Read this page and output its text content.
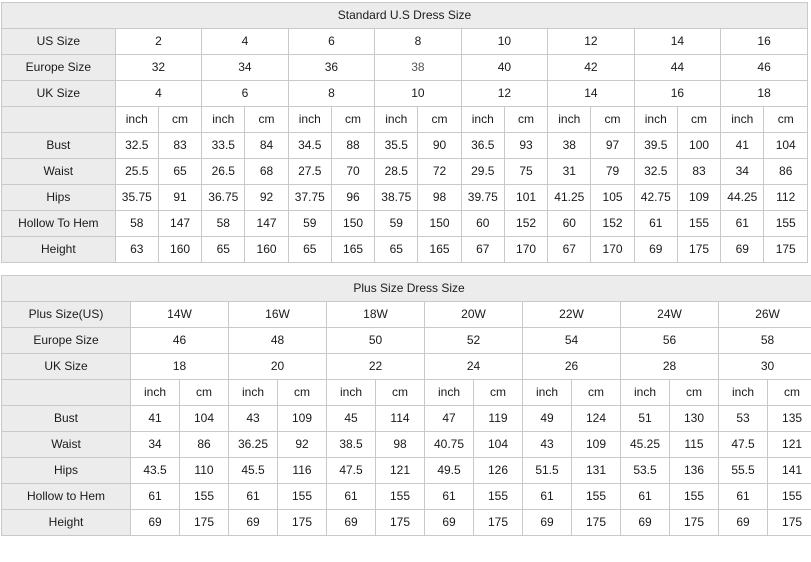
Standard U.S Dress Size																
US Size	2		4		6		8		10		12		14		16	
Europe Size	32		34		36		38		40		42		44		46	
UK Size	4		6		8		10		12		14		16		18	
	inch	cm	inch	cm	inch	cm	inch	cm	inch	cm	inch	cm	inch	cm	inch	cm
Bust	32.5	83	33.5	84	34.5	88	35.5	90	36.5	93	38	97	39.5	100	41	104
Waist	25.5	65	26.5	68	27.5	70	28.5	72	29.5	75	31	79	32.5	83	34	86
Hips	35.75	91	36.75	92	37.75	96	38.75	98	39.75	101	41.25	105	42.75	109	44.25	112
Hollow To Hem	58	147	58	147	59	150	59	150	60	152	60	152	61	155	61	155
Height	63	160	65	160	65	165	65	165	67	170	67	170	69	175	69	175
Plus Size Dress Size														
Plus Size(US)	14W		16W		18W		20W		22W		24W		26W	
Europe Size	46		48		50		52		54		56		58	
UK Size	18		20		22		24		26		28		30	
	inch	cm	inch	cm	inch	cm	inch	cm	inch	cm	inch	cm	inch	cm
Bust	41	104	43	109	45	114	47	119	49	124	51	130	53	135
Waist	34	86	36.25	92	38.5	98	40.75	104	43	109	45.25	115	47.5	121
Hips	43.5	110	45.5	116	47.5	121	49.5	126	51.5	131	53.5	136	55.5	141
Hollow to Hem	61	155	61	155	61	155	61	155	61	155	61	155	61	155
Height	69	175	69	175	69	175	69	175	69	175	69	175	69	175
